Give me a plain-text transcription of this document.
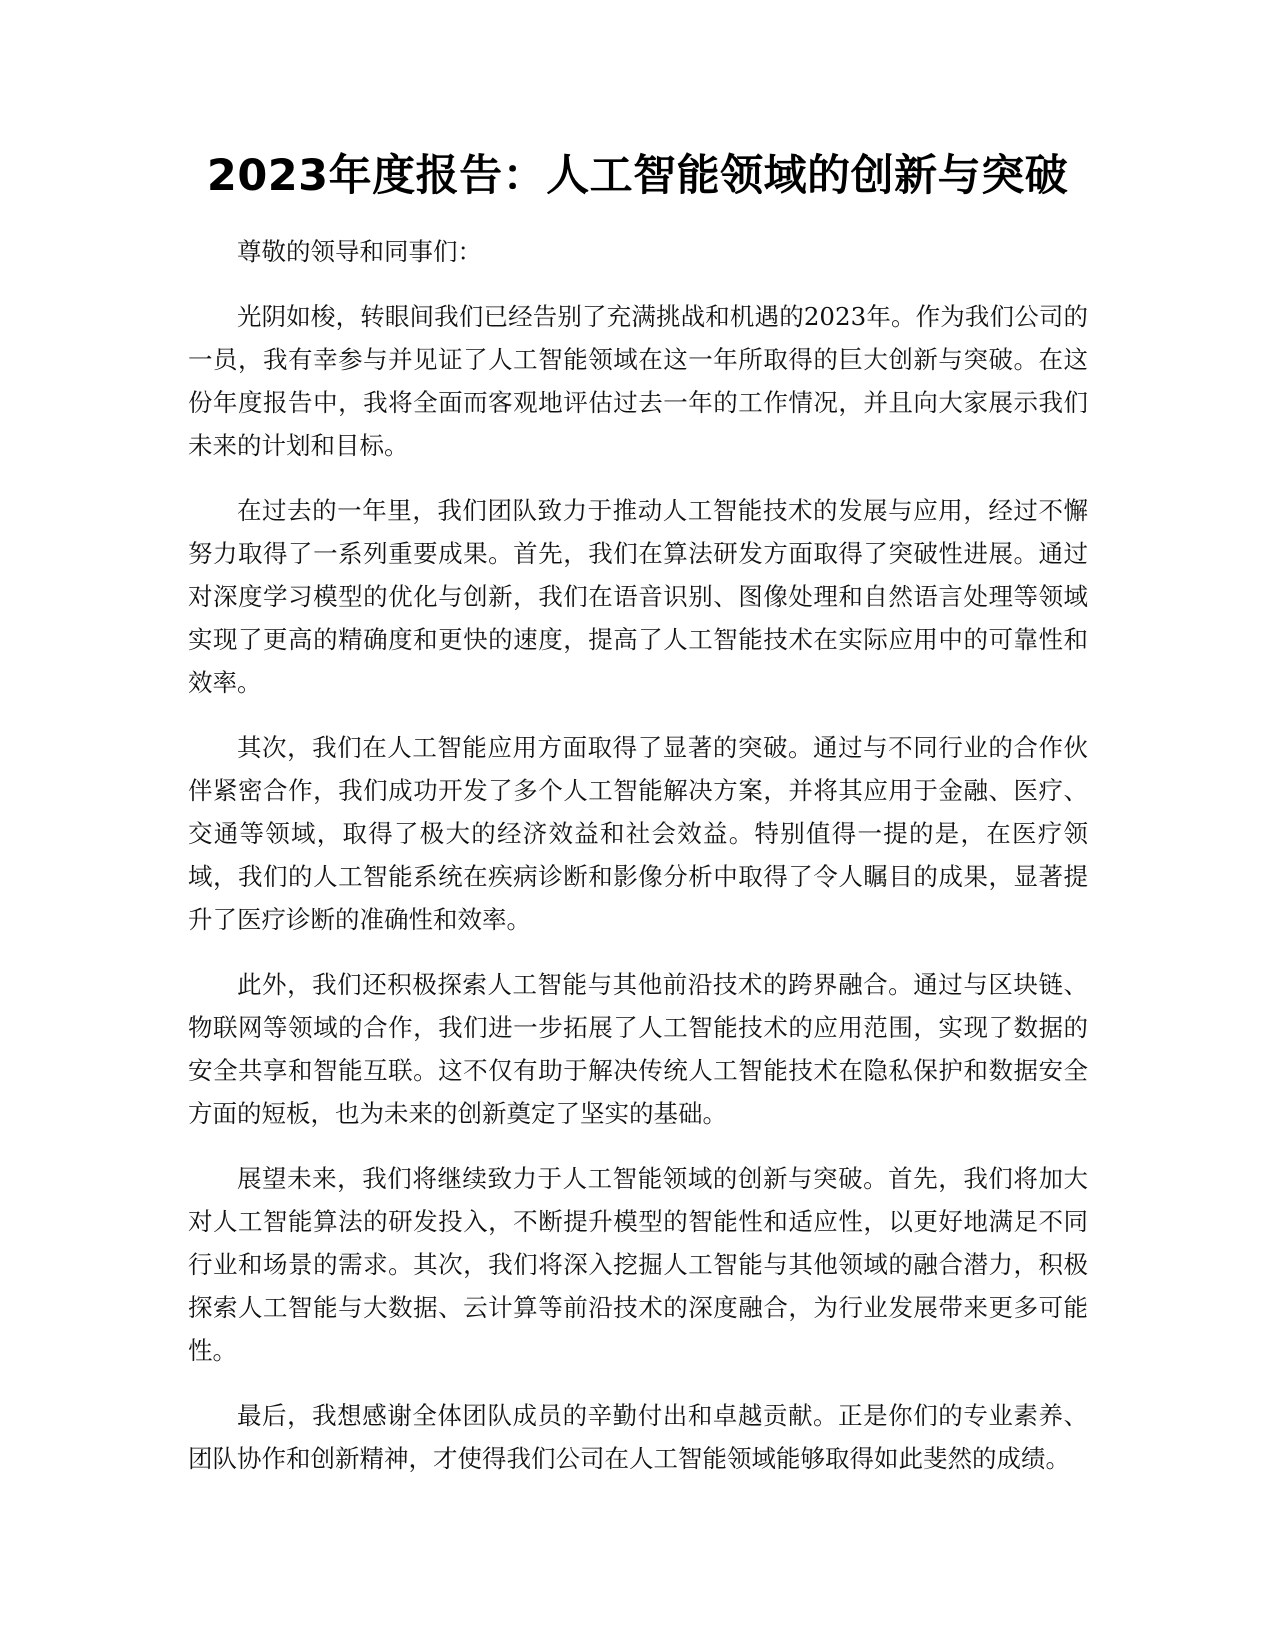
2023年度报告：人工智能领域的创新与突破

尊敬的领导和同事们：

光阴如梭，转眼间我们已经告别了充满挑战和机遇的2023年。作为我们公司的一员，我有幸参与并见证了人工智能领域在这一年所取得的巨大创新与突破。在这份年度报告中，我将全面而客观地评估过去一年的工作情况，并且向大家展示我们未来的计划和目标。

在过去的一年里，我们团队致力于推动人工智能技术的发展与应用，经过不懈努力取得了一系列重要成果。首先，我们在算法研发方面取得了突破性进展。通过对深度学习模型的优化与创新，我们在语音识别、图像处理和自然语言处理等领域实现了更高的精确度和更快的速度，提高了人工智能技术在实际应用中的可靠性和效率。

其次，我们在人工智能应用方面取得了显著的突破。通过与不同行业的合作伙伴紧密合作，我们成功开发了多个人工智能解决方案，并将其应用于金融、医疗、交通等领域，取得了极大的经济效益和社会效益。特别值得一提的是，在医疗领域，我们的人工智能系统在疾病诊断和影像分析中取得了令人瞩目的成果，显著提升了医疗诊断的准确性和效率。

此外，我们还积极探索人工智能与其他前沿技术的跨界融合。通过与区块链、物联网等领域的合作，我们进一步拓展了人工智能技术的应用范围，实现了数据的安全共享和智能互联。这不仅有助于解决传统人工智能技术在隐私保护和数据安全方面的短板，也为未来的创新奠定了坚实的基础。

展望未来，我们将继续致力于人工智能领域的创新与突破。首先，我们将加大对人工智能算法的研发投入，不断提升模型的智能性和适应性，以更好地满足不同行业和场景的需求。其次，我们将深入挖掘人工智能与其他领域的融合潜力，积极探索人工智能与大数据、云计算等前沿技术的深度融合，为行业发展带来更多可能性。

最后，我想感谢全体团队成员的辛勤付出和卓越贡献。正是你们的专业素养、团队协作和创新精神，才使得我们公司在人工智能领域能够取得如此斐然的成绩。
